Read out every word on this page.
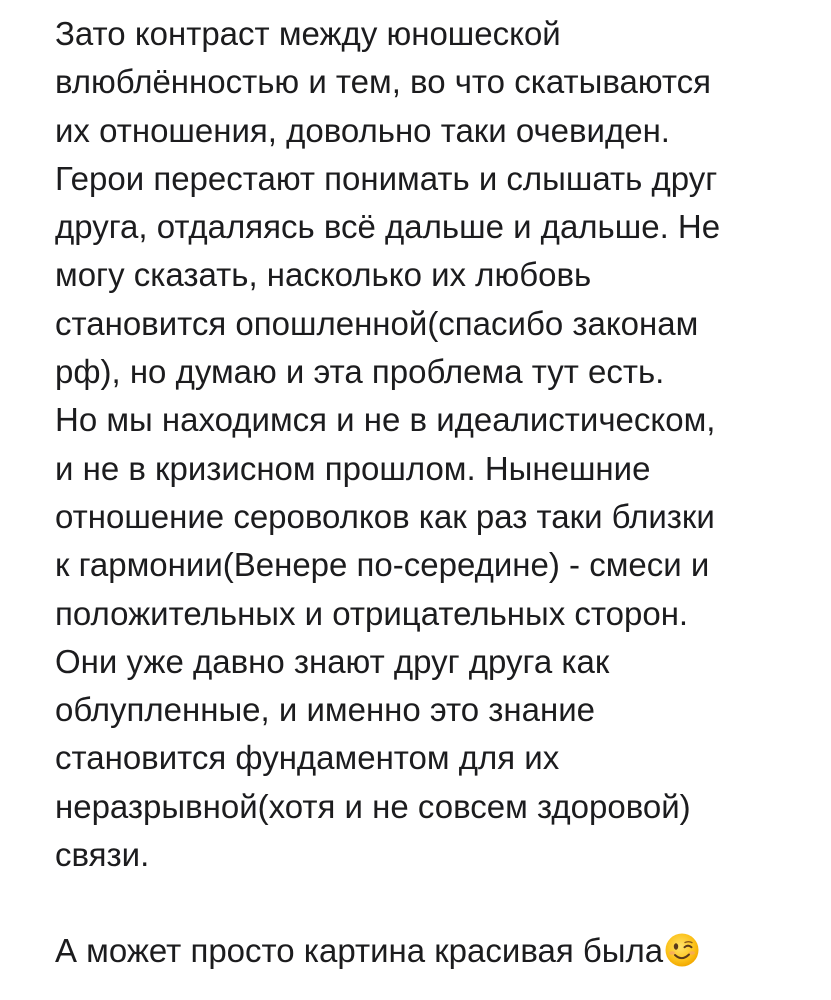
Зато контраст между юношеской
влюблённостью и тем, во что скатываются
их отношения, довольно таки очевиден.
Герои перестают понимать и слышать друг
друга, отдаляясь всё дальше и дальше. Не
могу сказать, насколько их любовь
становится опошленной(спасибо законам
рф), но думаю и эта проблема тут есть.
Но мы находимся и не в идеалистическом,
и не в кризисном прошлом. Нынешние
отношение сероволков как раз таки близки
к гармонии(Венере по-середине) - смеси и
положительных и отрицательных сторон.
Они уже давно знают друг друга как
облупленные, и именно это знание
становится фундаментом для их
неразрывной(хотя и не совсем здоровой)
связи.
А может просто картина красивая была
